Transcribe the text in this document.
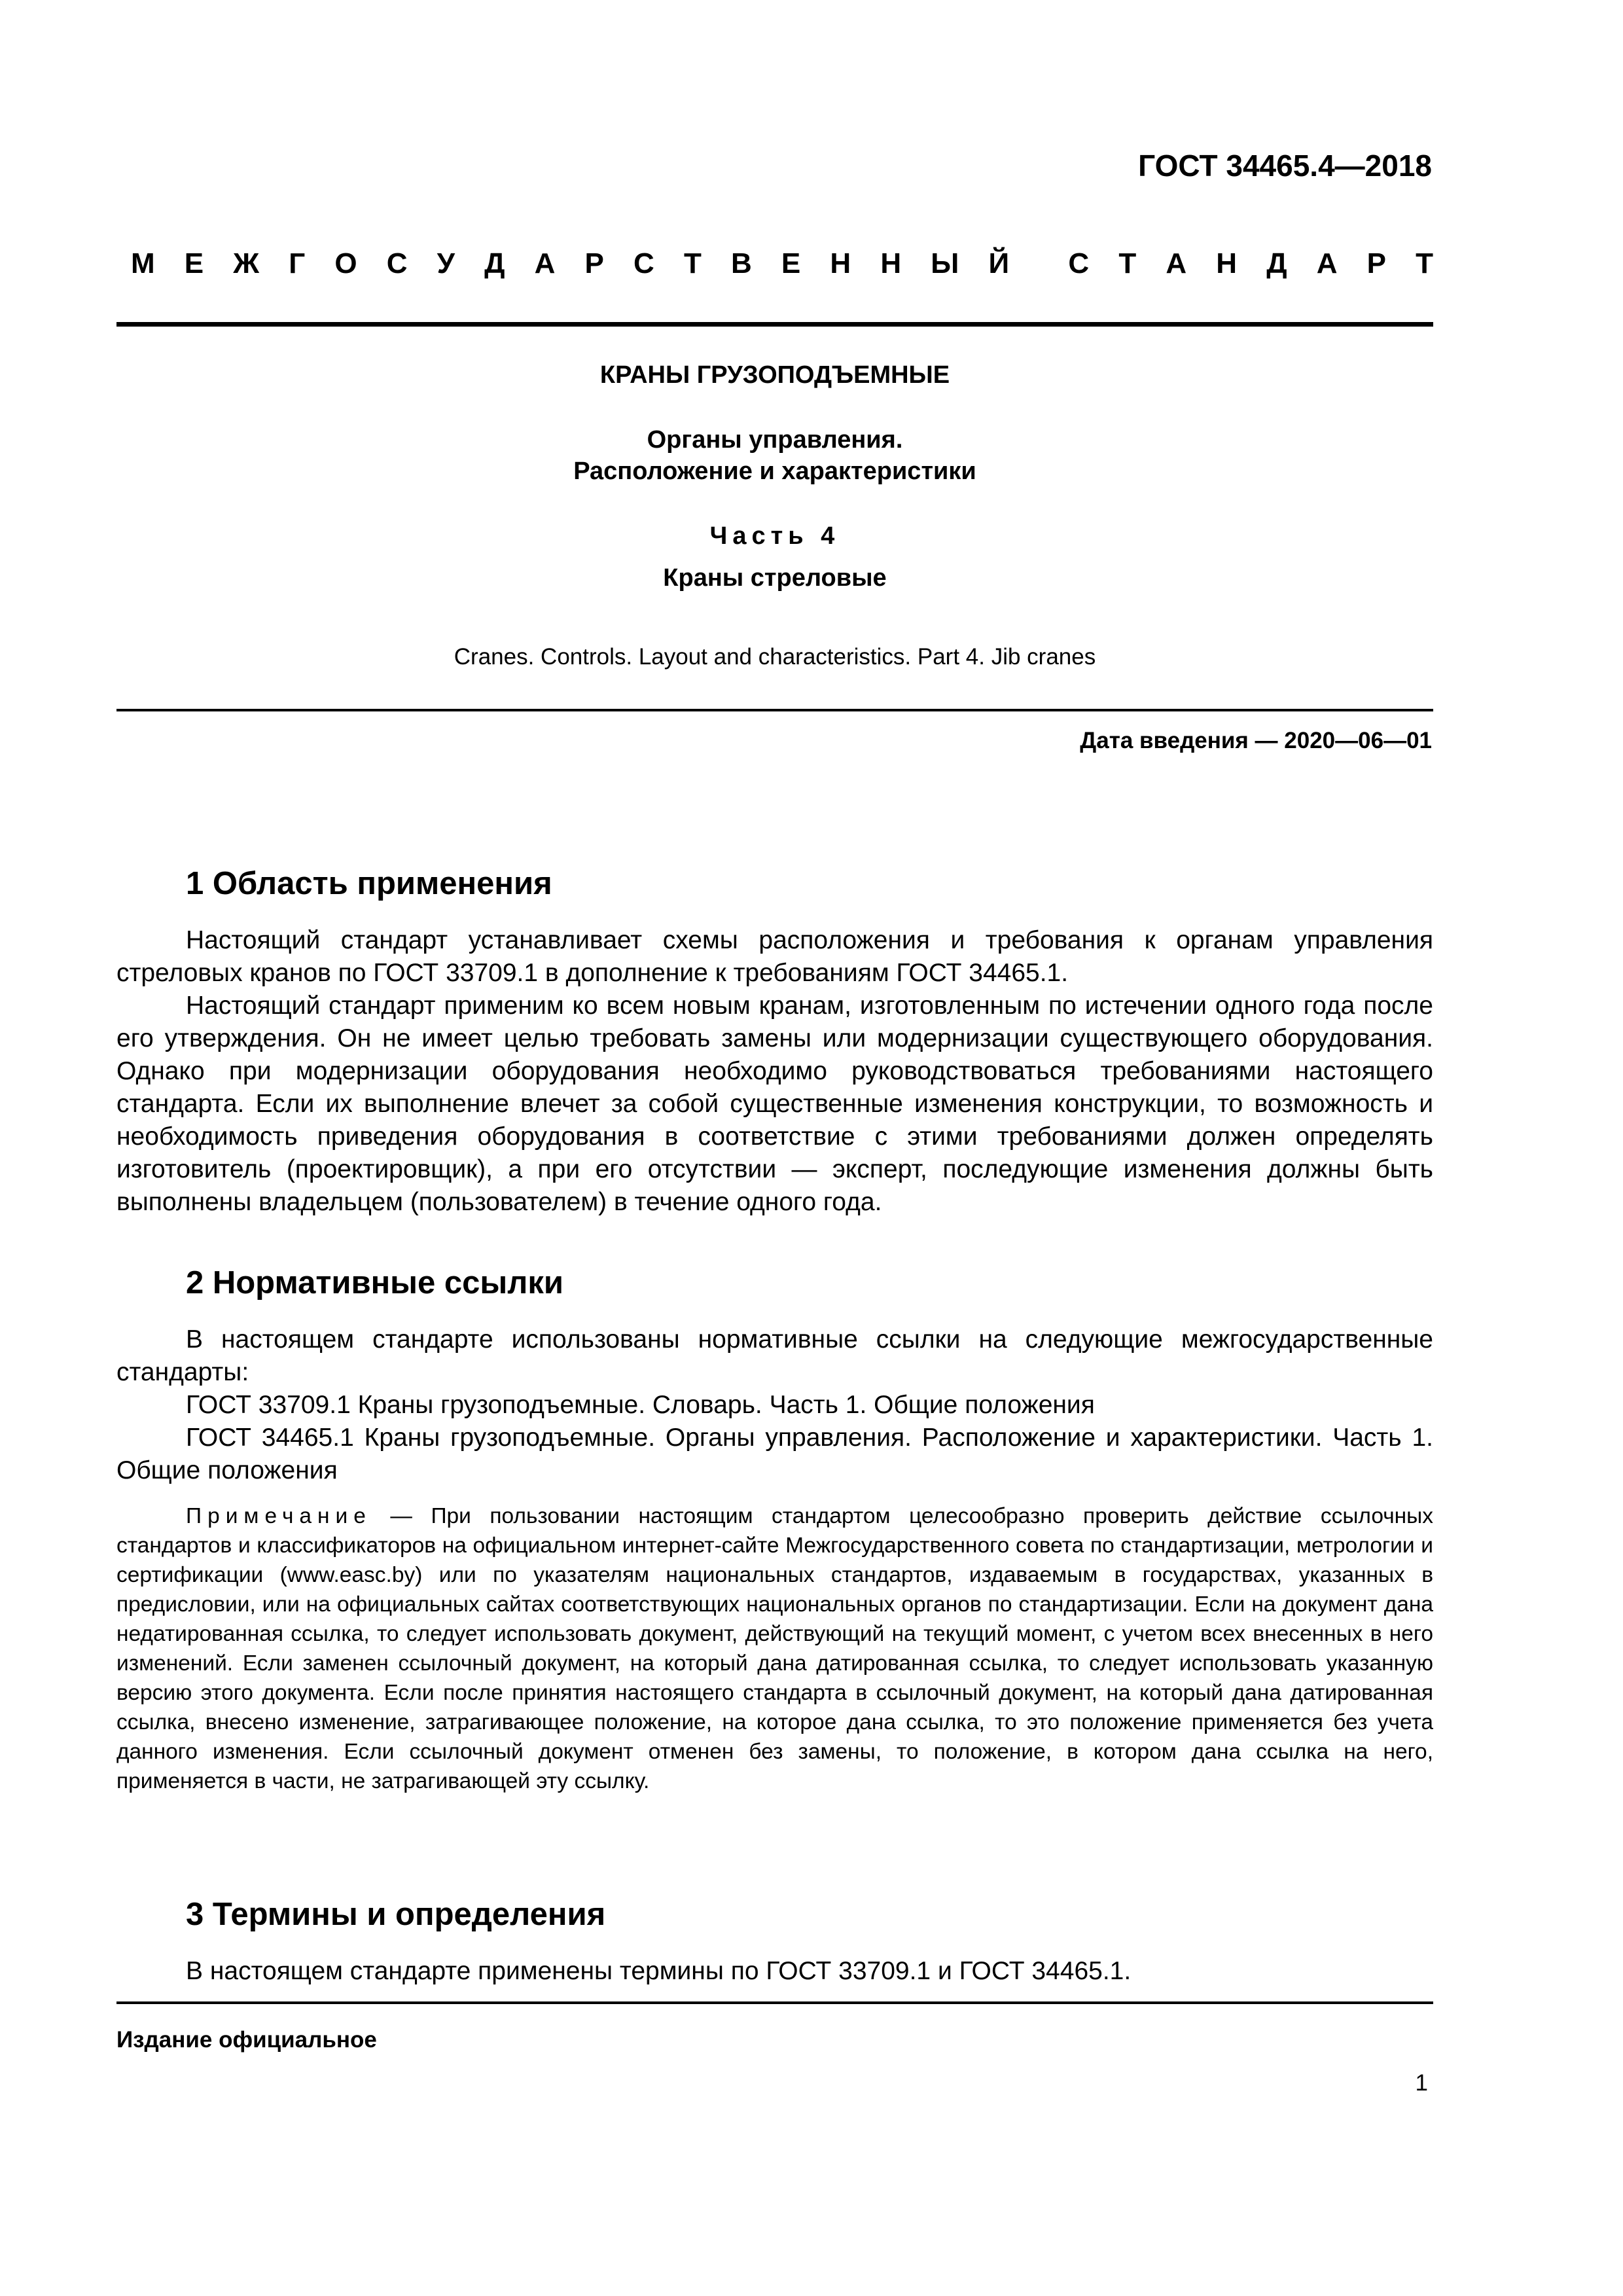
ГОСТ 34465.4—2018
М Е Ж Г О С У Д А Р С Т В Е Н Н Ы Й С Т А Н Д А Р Т
КРАНЫ ГРУЗОПОДЪЕМНЫЕ
Органы управления.
Расположение и характеристики
Часть 4
Краны стреловые
Cranes. Controls. Layout and characteristics. Part 4. Jib cranes
Дата введения — 2020—06—01
1 Область применения

Настоящий стандарт устанавливает схемы расположения и требования к органам управления стреловых кранов по ГОСТ 33709.1 в дополнение к требованиям ГОСТ 34465.1.

Настоящий стандарт применим ко всем новым кранам, изготовленным по истечении одного года после его утверждения. Он не имеет целью требовать замены или модернизации существующего оборудования. Однако при модернизации оборудования необходимо руководствоваться требованиями настоящего стандарта. Если их выполнение влечет за собой существенные изменения конструкции, то возможность и необходимость приведения оборудования в соответствие с этими требованиями должен определять изготовитель (проектировщик), а при его отсутствии — эксперт, последующие изменения должны быть выполнены владельцем (пользователем) в течение одного года.

2 Нормативные ссылки

В настоящем стандарте использованы нормативные ссылки на следующие межгосударственные стандарты:

ГОСТ 33709.1 Краны грузоподъемные. Словарь. Часть 1. Общие положения

ГОСТ 34465.1 Краны грузоподъемные. Органы управления. Расположение и характеристики. Часть 1. Общие положения

Примечание — При пользовании настоящим стандартом целесообразно проверить действие ссылочных стандартов и классификаторов на официальном интернет-сайте Межгосударственного совета по стандартизации, метрологии и сертификации (www.easc.by) или по указателям национальных стандартов, издаваемым в государствах, указанных в предисловии, или на официальных сайтах соответствующих национальных органов по стандартизации. Если на документ дана недатированная ссылка, то следует использовать документ, действующий на текущий момент, с учетом всех внесенных в него изменений. Если заменен ссылочный документ, на который дана датированная ссылка, то следует использовать указанную версию этого документа. Если после принятия настоящего стандарта в ссылочный документ, на который дана датированная ссылка, внесено изменение, затрагивающее положение, на которое дана ссылка, то это положение применяется без учета данного изменения. Если ссылочный документ отменен без замены, то положение, в котором дана ссылка на него, применяется в части, не затрагивающей эту ссылку.

3 Термины и определения

В настоящем стандарте применены термины по ГОСТ 33709.1 и ГОСТ 34465.1.

Издание официальное
1
